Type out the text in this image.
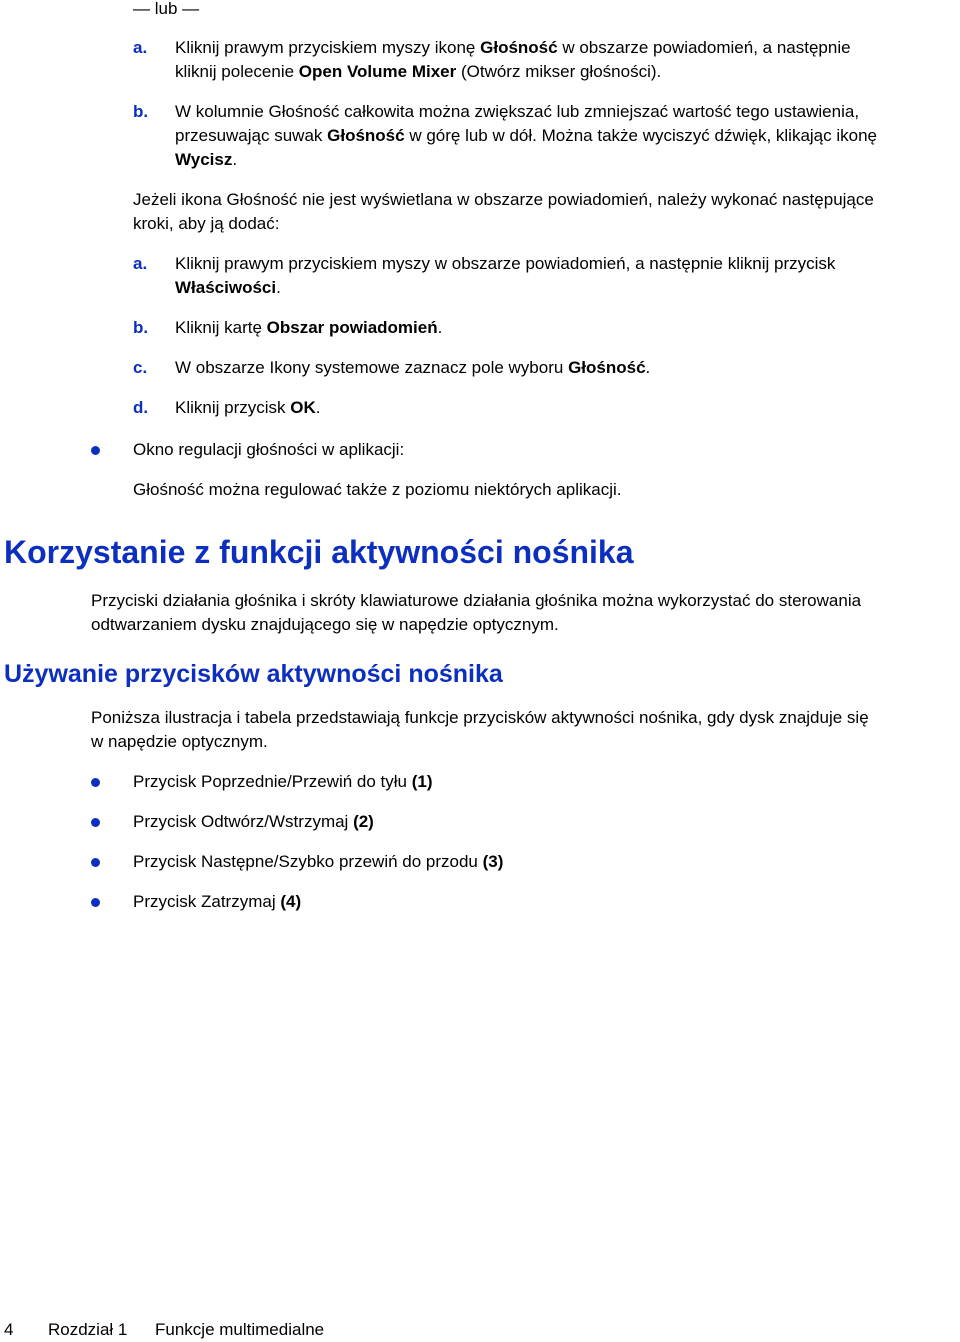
— lub —
a. Kliknij prawym przyciskiem myszy ikonę Głośność w obszarze powiadomień, a następnie
kliknij polecenie Open Volume Mixer (Otwórz mikser głośności).
b. W kolumnie Głośność całkowita można zwiększać lub zmniejszać wartość tego ustawienia,
przesuwając suwak Głośność w górę lub w dół. Można także wyciszyć dźwięk, klikając ikonę
Wycisz.
Jeżeli ikona Głośność nie jest wyświetlana w obszarze powiadomień, należy wykonać następujące
kroki, aby ją dodać:
a. Kliknij prawym przyciskiem myszy w obszarze powiadomień, a następnie kliknij przycisk
Właściwości.
b. Kliknij kartę Obszar powiadomień.
c. W obszarze Ikony systemowe zaznacz pole wyboru Głośność.
d. Kliknij przycisk OK.
Okno regulacji głośności w aplikacji:
Głośność można regulować także z poziomu niektórych aplikacji.
Korzystanie z funkcji aktywności nośnika
Przyciski działania głośnika i skróty klawiaturowe działania głośnika można wykorzystać do sterowania
odtwarzaniem dysku znajdującego się w napędzie optycznym.
Używanie przycisków aktywności nośnika
Poniższa ilustracja i tabela przedstawiają funkcje przycisków aktywności nośnika, gdy dysk znajduje się
w napędzie optycznym.
Przycisk Poprzednie/Przewiń do tyłu (1)
Przycisk Odtwórz/Wstrzymaj (2)
Przycisk Następne/Szybko przewiń do przodu (3)
Przycisk Zatrzymaj (4)
4 Rozdział 1 Funkcje multimedialne
